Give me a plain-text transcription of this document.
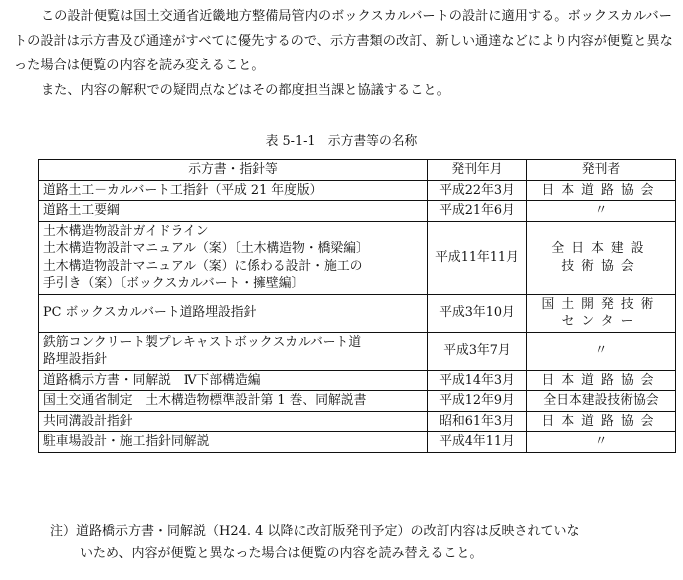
この設計便覧は国土交通省近畿地方整備局管内のボックスカルバートの設計に適用する。ボックスカルバートの設計は示方書及び通達がすべてに優先するので、示方書類の改訂、新しい通達などにより内容が便覧と異なった場合は便覧の内容を読み変えること。

また、内容の解釈での疑問点などはその都度担当課と協議すること。

表 5-1-1   示方書等の名称
示方書・指針等	発刊年月	発刊者

道路土工－カルバート工指針（平成 21 年度版）	平成22年3月	日本道路協会

道路土工要綱	平成21年6月	〃

土木構造物設計ガイドライン
土木構造物設計マニュアル（案）〔土木構造物・橋梁編〕
土木構造物設計マニュアル（案）に係わる設計・施工の
手引き（案）〔ボックスカルバート・擁壁編〕	平成11年11月	全日本建設
技術協会

PC ボックスカルバート道路埋設指針	平成3年10月	国土開発技術
センター

鉄筋コンクリート製プレキャストボックスカルバート道
路埋設指針	平成3年7月	〃

道路橋示方書・同解説　Ⅳ下部構造編	平成14年3月	日本道路協会

国土交通省制定　土木構造物標準設計第 1 巻、同解説書	平成12年9月	全日本建設技術協会

共同溝設計指針	昭和61年3月	日本道路協会

駐車場設計・施工指針同解説	平成4年11月	〃

注）道路橋示方書・同解説（H24. 4 以降に改訂版発刊予定）の改訂内容は反映されていな
いため、内容が便覧と異なった場合は便覧の内容を読み替えること。
